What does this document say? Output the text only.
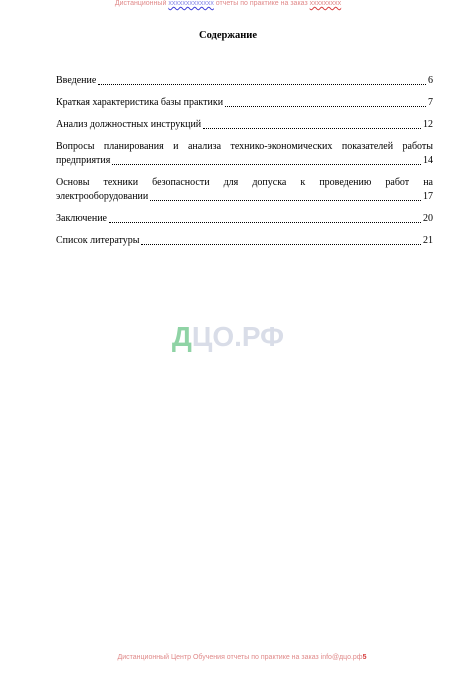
Дистанционный ххххххххххххх отчеты по практике на заказ ххххххххх
Содержание
Введение	6
Краткая характеристика базы практики	7
Анализ должностных инструкций	12
Вопросы планирования и анализа технико-экономических показателей работы
предприятия	14
Основы техники безопасности для допуска к проведению работ на
электрооборудовании	17
Заключение	20
Список литературы	21
ДЦО.РФ
Дистанционный Центр Обучения отчеты по практике на заказ info@дцо.рф5
